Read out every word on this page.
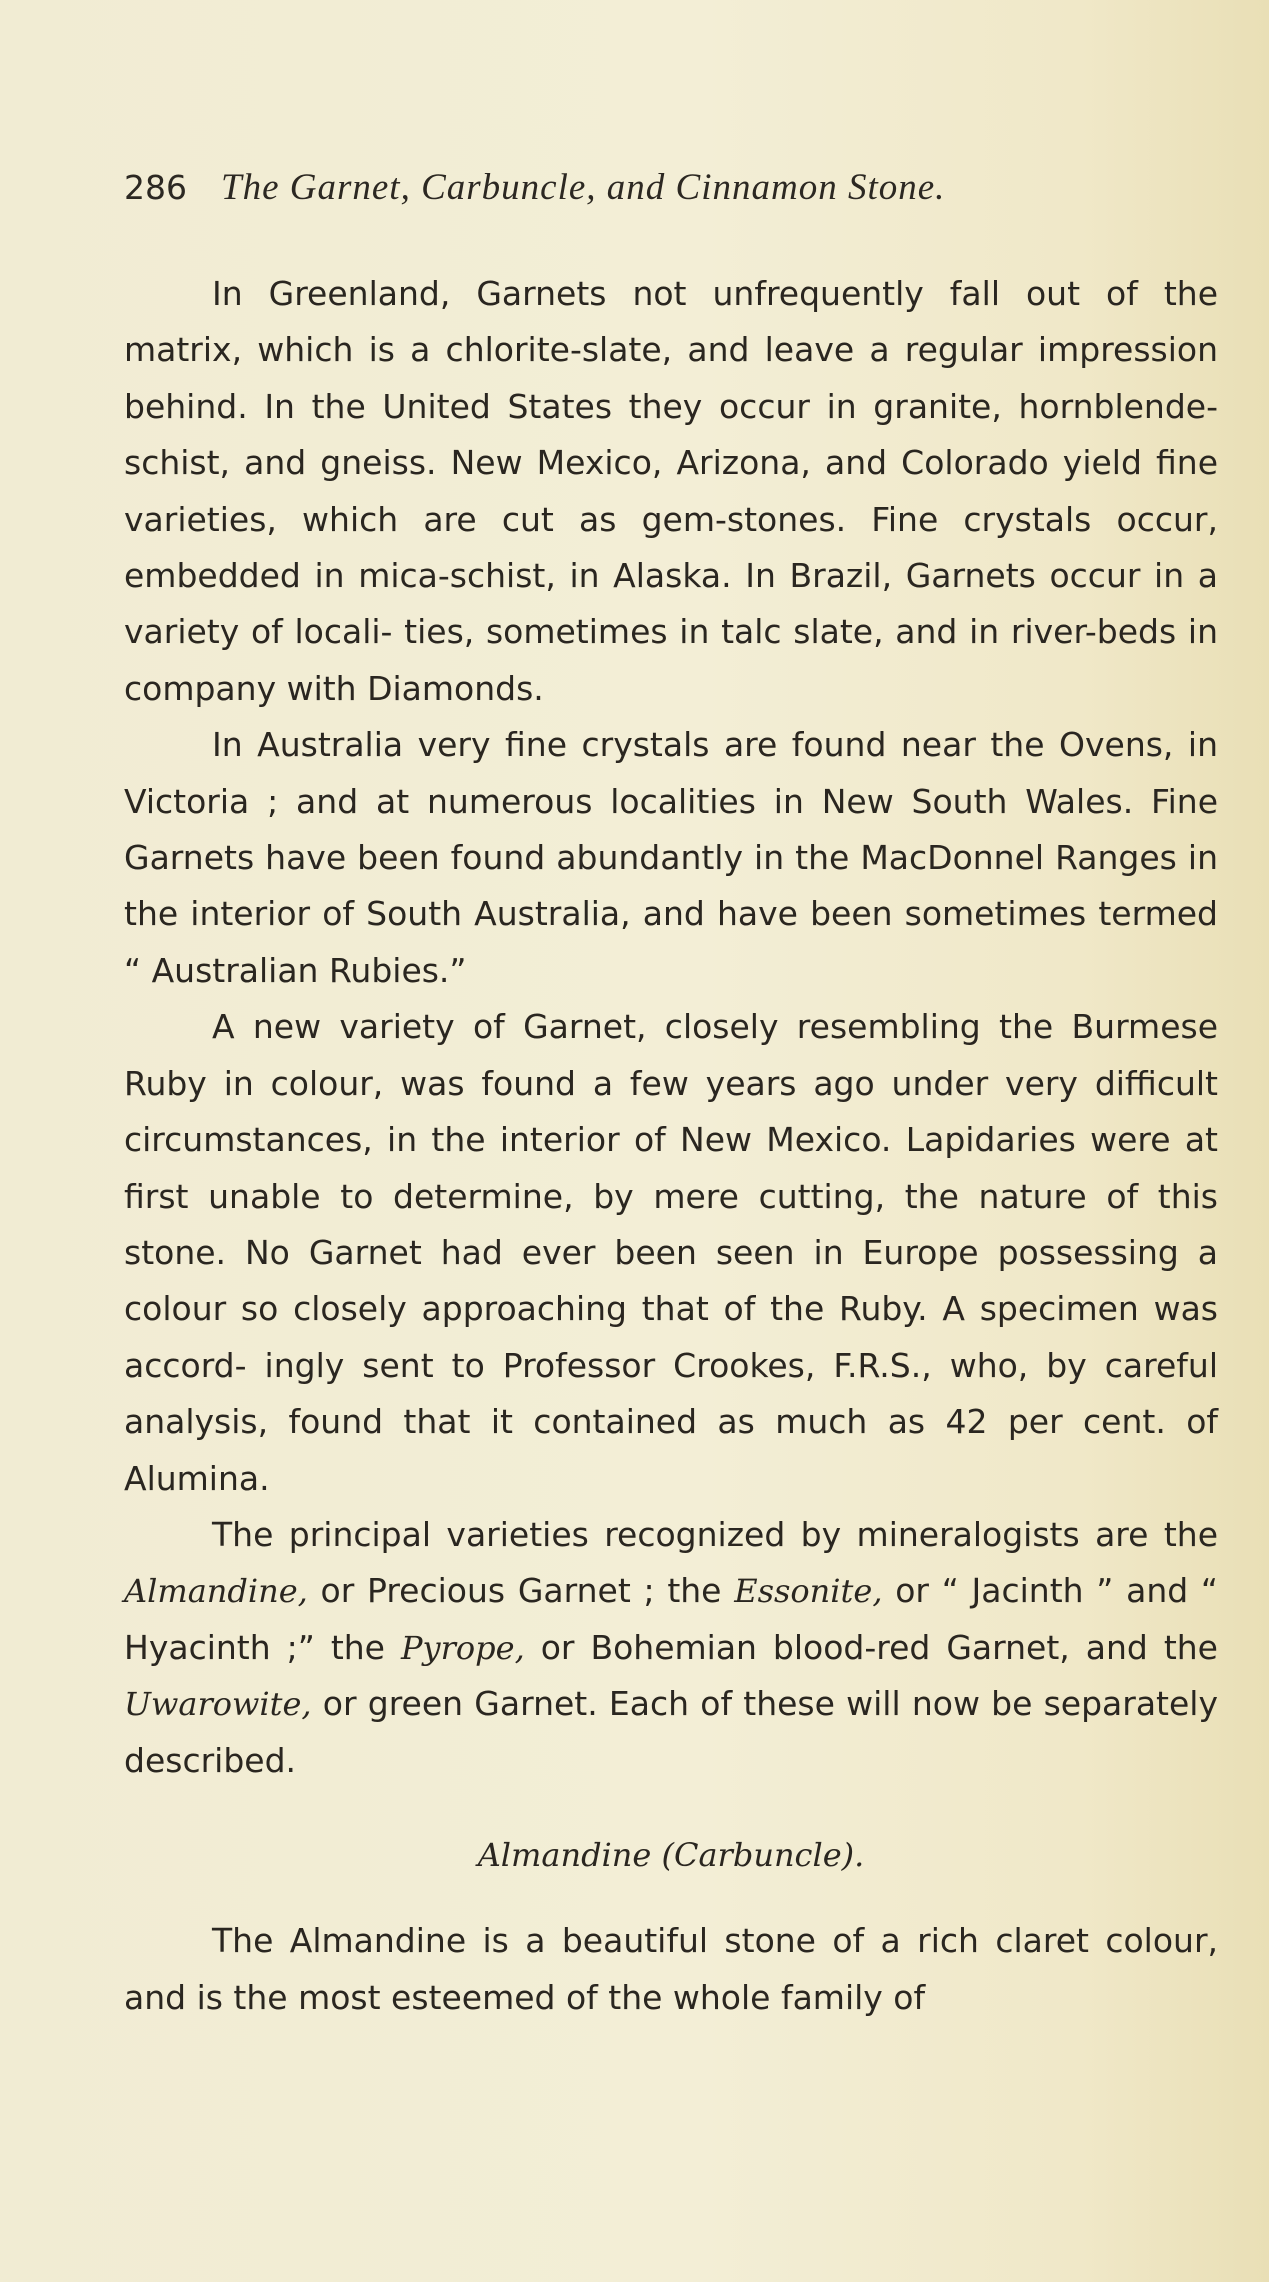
286 The Garnet, Carbuncle, and Cinnamon Stone.

In Greenland, Garnets not unfrequently fall out of the matrix, which is a chlorite-slate, and leave a regular impression behind. In the United States they occur in granite, hornblende-schist, and gneiss. New Mexico, Arizona, and Colorado yield fine varieties, which are cut as gem-stones. Fine crystals occur, embedded in mica-schist, in Alaska. In Brazil, Garnets occur in a variety of locali- ties, sometimes in talc slate, and in river-beds in company with Diamonds.

In Australia very fine crystals are found near the Ovens, in Victoria ; and at numerous localities in New South Wales. Fine Garnets have been found abundantly in the MacDonnel Ranges in the interior of South Australia, and have been sometimes termed “ Australian Rubies.”

A new variety of Garnet, closely resembling the Burmese Ruby in colour, was found a few years ago under very difficult circumstances, in the interior of New Mexico. Lapidaries were at first unable to determine, by mere cutting, the nature of this stone. No Garnet had ever been seen in Europe possessing a colour so closely approaching that of the Ruby. A specimen was accord- ingly sent to Professor Crookes, F.R.S., who, by careful analysis, found that it contained as much as 42 per cent. of Alumina.

The principal varieties recognized by mineralogists are the Almandine, or Precious Garnet ; the Essonite, or “ Jacinth ” and “ Hyacinth ;” the Pyrope, or Bohemian blood-red Garnet, and the Uwarowite, or green Garnet. Each of these will now be separately described.

Almandine (Carbuncle).

The Almandine is a beautiful stone of a rich claret colour, and is the most esteemed of the whole family of
